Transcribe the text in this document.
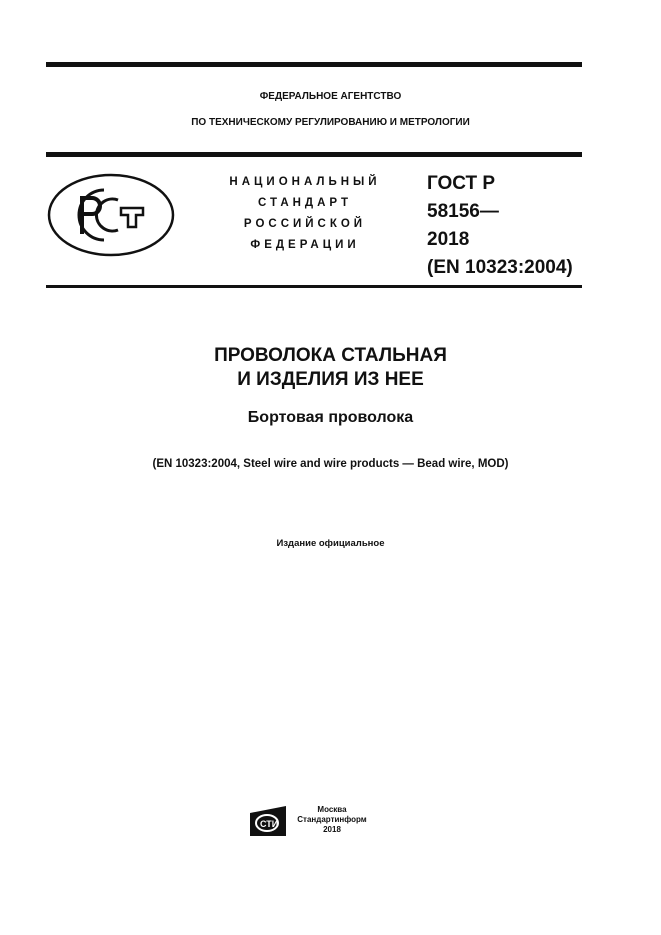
ФЕДЕРАЛЬНОЕ АГЕНТСТВО
ПО ТЕХНИЧЕСКОМУ РЕГУЛИРОВАНИЮ И МЕТРОЛОГИИ
НАЦИОНАЛЬНЫЙ
СТАНДАРТ
РОССИЙСКОЙ
ФЕДЕРАЦИИ
ГОСТ Р
58156—
2018
(EN 10323:2004)
ПРОВОЛОКА СТАЛЬНАЯ
И ИЗДЕЛИЯ ИЗ НЕЕ
Бортовая проволока
(EN 10323:2004, Steel wire and wire products — Bead wire, MOD)
Издание официальное
СТИ
Москва
Стандартинформ
2018
